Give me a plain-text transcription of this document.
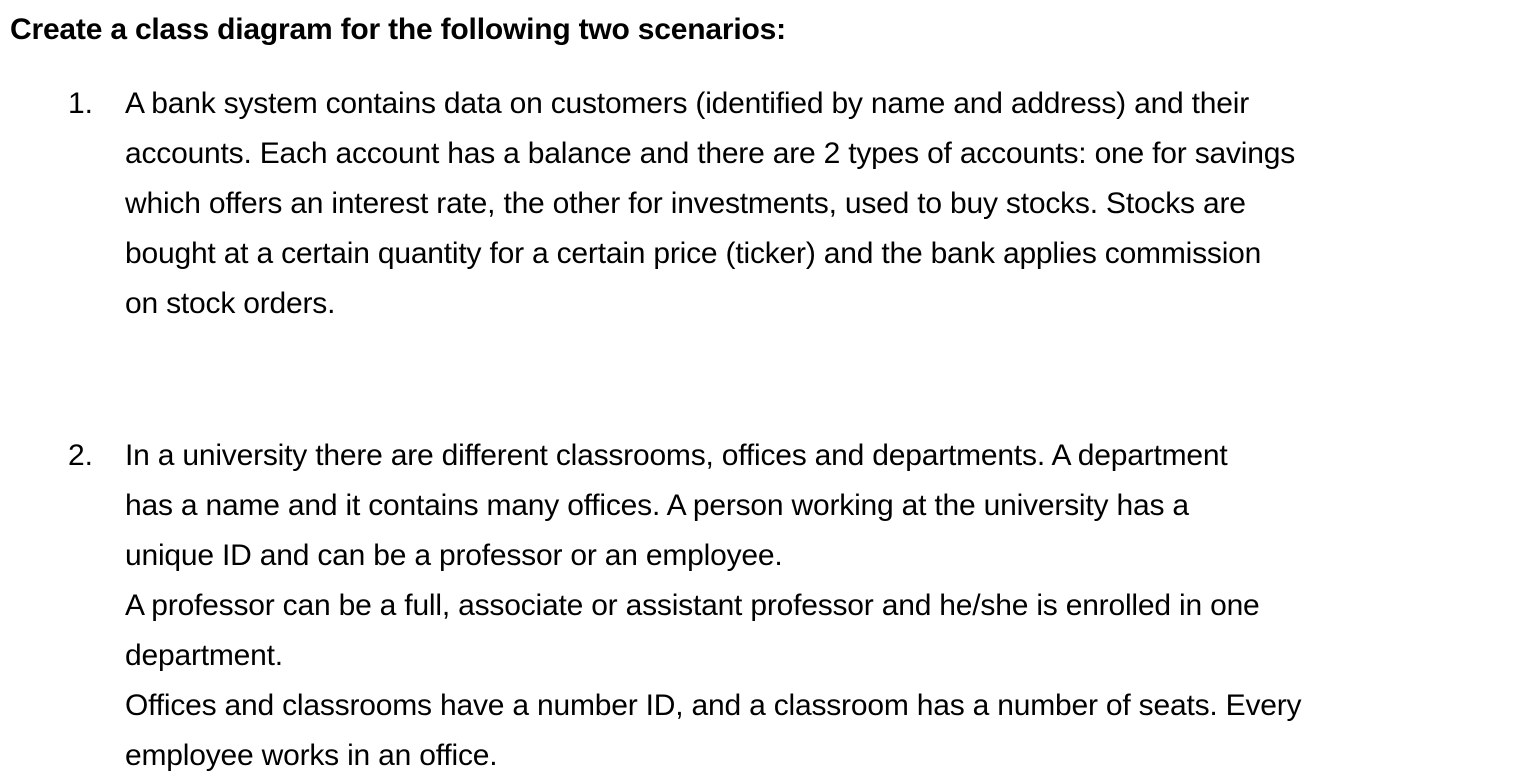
Create a class diagram for the following two scenarios:
1. A bank system contains data on customers (identified by name and address) and their
accounts. Each account has a balance and there are 2 types of accounts: one for savings
which offers an interest rate, the other for investments, used to buy stocks. Stocks are
bought at a certain quantity for a certain price (ticker) and the bank applies commission
on stock orders.
2. In a university there are different classrooms, offices and departments. A department
has a name and it contains many offices. A person working at the university has a
unique ID and can be a professor or an employee.
A professor can be a full, associate or assistant professor and he/she is enrolled in one
department.
Offices and classrooms have a number ID, and a classroom has a number of seats. Every
employee works in an office.
